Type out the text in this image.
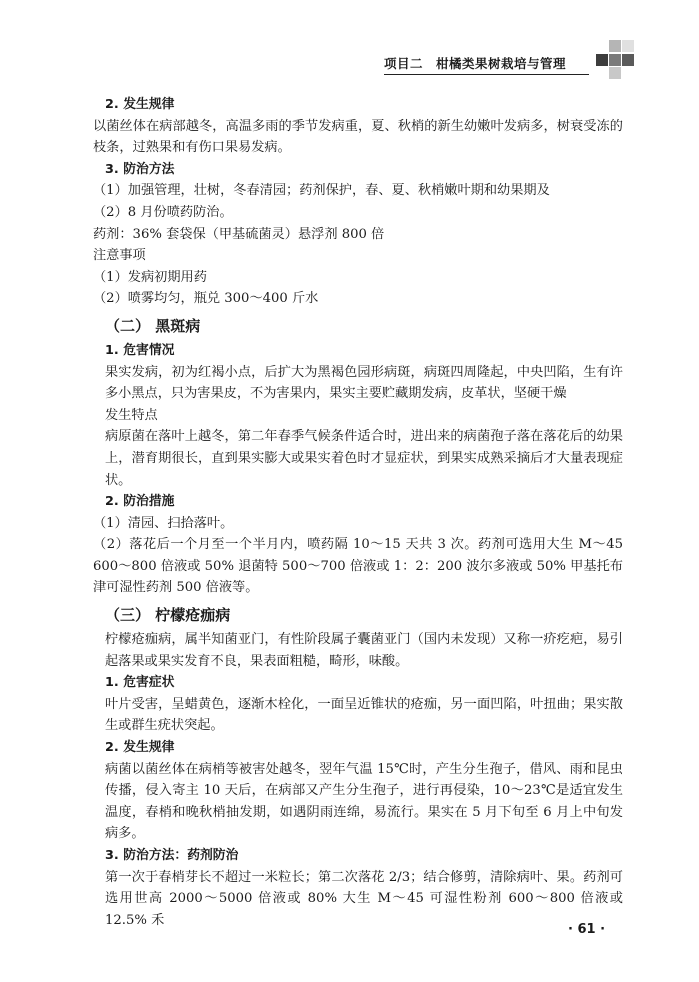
项目二　柑橘类果树栽培与管理
2. 发生规律
以菌丝体在病部越冬，高温多雨的季节发病重，夏、秋梢的新生幼嫩叶发病多，树衰受冻的枝条，过熟果和有伤口果易发病。
3. 防治方法
（1）加强管理，壮树，冬春清园；药剂保护，春、夏、秋梢嫩叶期和幼果期及
（2）8 月份喷药防治。
药剂：36% 套袋保（甲基硫菌灵）悬浮剂 800 倍
注意事项
（1）发病初期用药
（2）喷雾均匀，瓶兑 300～400 斤水
（二） 黑斑病
1. 危害情况
果实发病，初为红褐小点，后扩大为黑褐色园形病斑，病斑四周隆起，中央凹陷，生有许多小黑点，只为害果皮，不为害果内，果实主要贮藏期发病，皮革状，坚硬干燥
发生特点
病原菌在落叶上越冬，第二年春季气候条件适合时，进出来的病菌孢子落在落花后的幼果上，潜育期很长，直到果实膨大或果实着色时才显症状，到果实成熟采摘后才大量表现症状。
2. 防治措施
（1）清园、扫拾落叶。
（2）落花后一个月至一个半月内，喷药隔 10～15 天共 3 次。药剂可选用大生 M～45 600～800 倍液或 50% 退菌特 500～700 倍液或 1：2：200 波尔多液或 50% 甲基托布津可湿性药剂 500 倍液等。
（三） 柠檬疮痂病
柠檬疮痂病，属半知菌亚门，有性阶段属子囊菌亚门（国内未发现）又称一疥疙疤，易引起落果或果实发育不良，果表面粗糙，畸形，味酸。
1. 危害症状
叶片受害，呈蜡黄色，逐渐木栓化，一面呈近锥状的疮痂，另一面凹陷，叶扭曲；果实散生或群生疣状突起。
2. 发生规律
病菌以菌丝体在病梢等被害处越冬，翌年气温 15℃时，产生分生孢子，借风、雨和昆虫传播，侵入寄主 10 天后，在病部又产生分生孢子，进行再侵染，10～23℃是适宜发生温度，春梢和晚秋梢抽发期，如遇阴雨连绵，易流行。果实在 5 月下旬至 6 月上中旬发病多。
3. 防治方法：药剂防治
第一次于春梢芽长不超过一米粒长；第二次落花 2/3；结合修剪，清除病叶、果。药剂可选用世高 2000～5000 倍液或 80% 大生 M～45 可湿性粉剂 600～800 倍液或 12.5% 禾
· 61 ·
